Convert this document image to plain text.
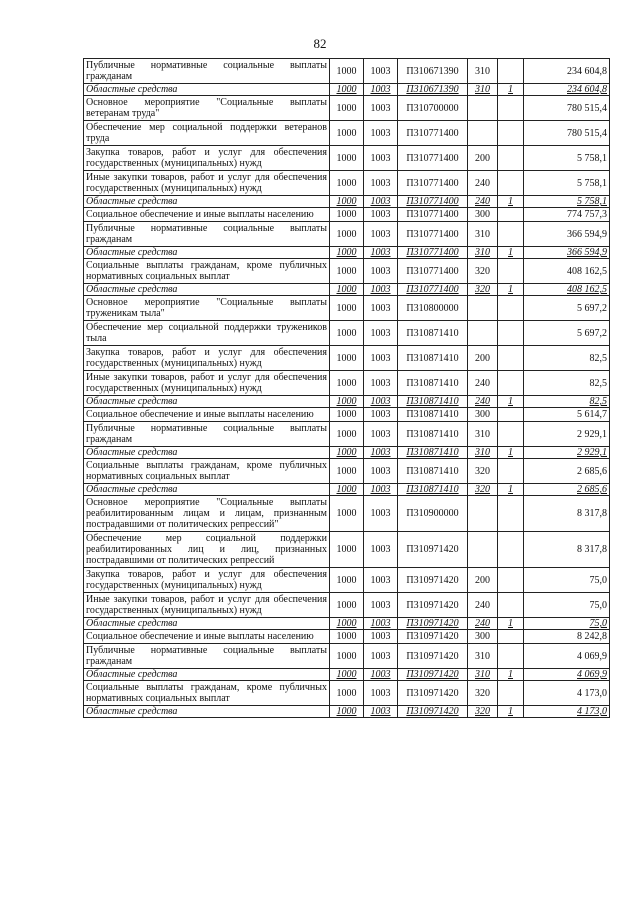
82
Публичные нормативные социальные выплаты гражданам	1000	1003	П310671390	310		234 604,8
Областные средства	1000	1003	П310671390	310	1	234 604,8
Основное мероприятие "Социальные выплаты ветеранам труда"	1000	1003	П310700000			780 515,4
Обеспечение мер социальной поддержки ветеранов труда	1000	1003	П310771400			780 515,4
Закупка товаров, работ и услуг для обеспечения государственных (муниципальных) нужд	1000	1003	П310771400	200		5 758,1
Иные закупки товаров, работ и услуг для обеспечения государственных (муниципальных) нужд	1000	1003	П310771400	240		5 758,1
Областные средства	1000	1003	П310771400	240	1	5 758,1
Социальное обеспечение и иные выплаты населению	1000	1003	П310771400	300		774 757,3
Публичные нормативные социальные выплаты гражданам	1000	1003	П310771400	310		366 594,9
Областные средства	1000	1003	П310771400	310	1	366 594,9
Социальные выплаты гражданам, кроме публичных нормативных социальных выплат	1000	1003	П310771400	320		408 162,5
Областные средства	1000	1003	П310771400	320	1	408 162,5
Основное мероприятие "Социальные выплаты труженикам тыла"	1000	1003	П310800000			5 697,2
Обеспечение мер социальной поддержки тружеников тыла	1000	1003	П310871410			5 697,2
Закупка товаров, работ и услуг для обеспечения государственных (муниципальных) нужд	1000	1003	П310871410	200		82,5
Иные закупки товаров, работ и услуг для обеспечения государственных (муниципальных) нужд	1000	1003	П310871410	240		82,5
Областные средства	1000	1003	П310871410	240	1	82,5
Социальное обеспечение и иные выплаты населению	1000	1003	П310871410	300		5 614,7
Публичные нормативные социальные выплаты гражданам	1000	1003	П310871410	310		2 929,1
Областные средства	1000	1003	П310871410	310	1	2 929,1
Социальные выплаты гражданам, кроме публичных нормативных социальных выплат	1000	1003	П310871410	320		2 685,6
Областные средства	1000	1003	П310871410	320	1	2 685,6
Основное мероприятие "Социальные выплаты реабилитированным лицам и лицам, признанным пострадавшими от политических репрессий"	1000	1003	П310900000			8 317,8
Обеспечение мер социальной поддержки реабилитированных лиц и лиц, признанных пострадавшими от политических репрессий	1000	1003	П310971420			8 317,8
Закупка товаров, работ и услуг для обеспечения государственных (муниципальных) нужд	1000	1003	П310971420	200		75,0
Иные закупки товаров, работ и услуг для обеспечения государственных (муниципальных) нужд	1000	1003	П310971420	240		75,0
Областные средства	1000	1003	П310971420	240	1	75,0
Социальное обеспечение и иные выплаты населению	1000	1003	П310971420	300		8 242,8
Публичные нормативные социальные выплаты гражданам	1000	1003	П310971420	310		4 069,9
Областные средства	1000	1003	П310971420	310	1	4 069,9
Социальные выплаты гражданам, кроме публичных нормативных социальных выплат	1000	1003	П310971420	320		4 173,0
Областные средства	1000	1003	П310971420	320	1	4 173,0
